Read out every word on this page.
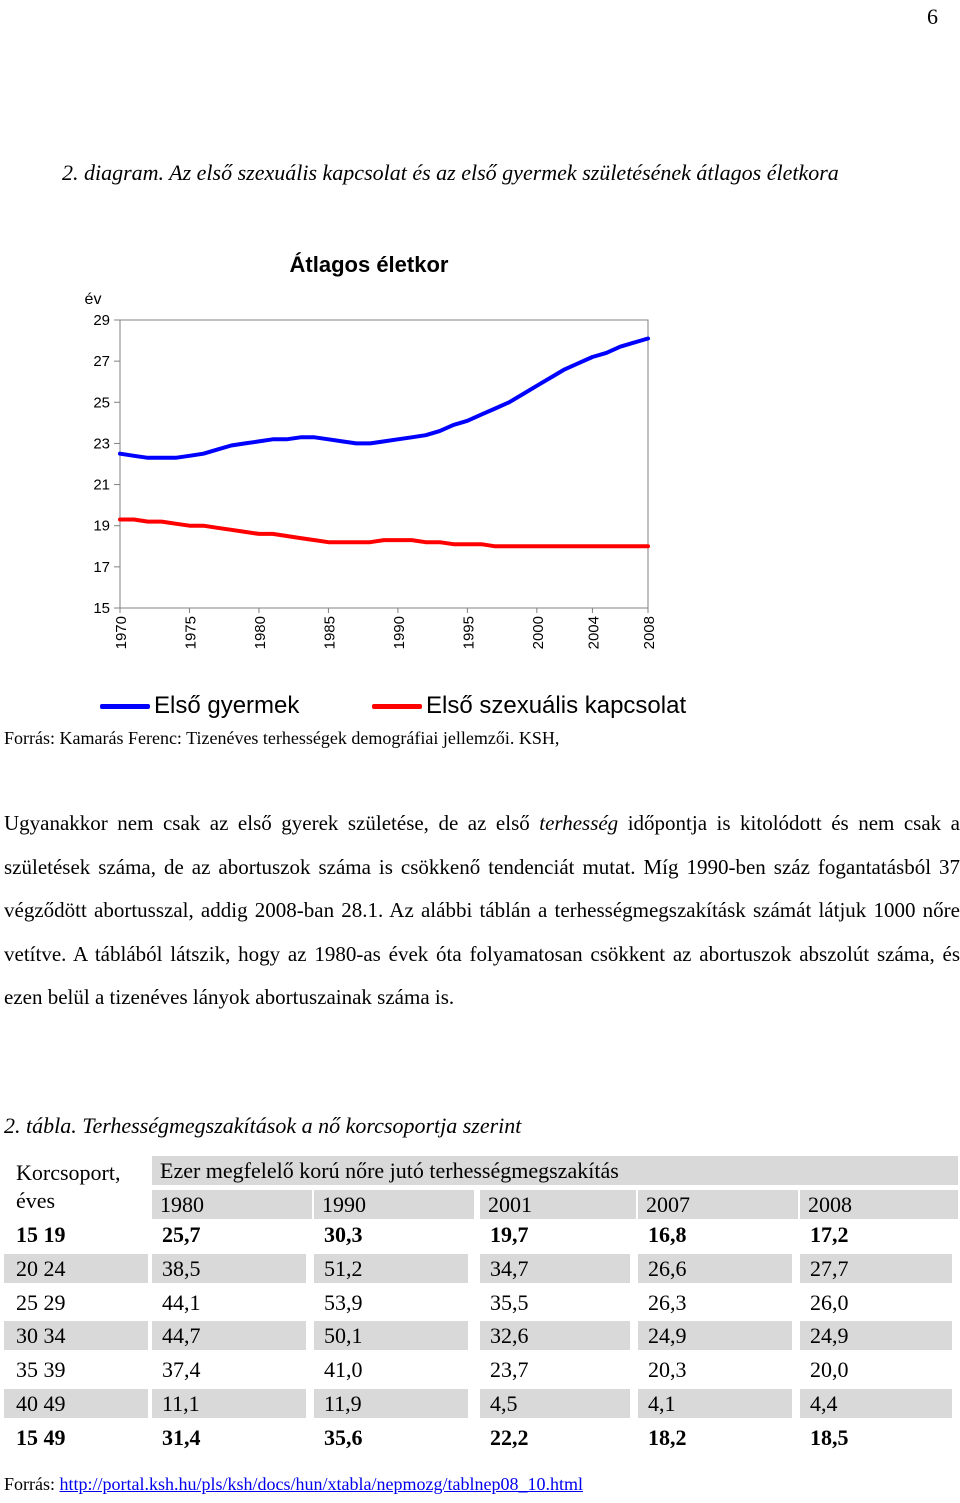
6
2. diagram. Az első szexuális kapcsolat és az első gyermek születésének átlagos életkora
Átlagos életkor
év
29
27
25
23
21
19
17
15
1970	1975	1980	1985	1990	1995	2000	2004	2008
Első gyermek	Első szexuális kapcsolat
Forrás: Kamarás Ferenc: Tizenéves terhességek demográfiai jellemzői. KSH,

Ugyanakkor nem csak az első gyerek születése, de az első terhesség időpontja is kitolódott és nem csak a születések száma, de az abortuszok száma is csökkenő tendenciát mutat. Míg 1990-ben száz fogantatásból 37 végződött abortusszal, addig 2008-ban 28.1. Az alábbi táblán a terhességmegszakításk számát látjuk 1000 nőre vetítve. A táblából látszik, hogy az 1980-as évek óta folyamatosan csökkent az abortuszok abszolút száma, és ezen belül a tizenéves lányok abortuszainak száma is.

2. tábla. Terhességmegszakítások a nő korcsoportja szerint
Korcsoport,
éves
Ezer megfelelő korú nőre jutó terhességmegszakítás
1980	1990	2001	2007	2008
15 19	25,7	30,3	19,7	16,8	17,2
20 24	38,5	51,2	34,7	26,6	27,7
25 29	44,1	53,9	35,5	26,3	26,0
30 34	44,7	50,1	32,6	24,9	24,9
35 39	37,4	41,0	23,7	20,3	20,0
40 49	11,1	11,9	4,5	4,1	4,4
15 49	31,4	35,6	22,2	18,2	18,5
Forrás: http://portal.ksh.hu/pls/ksh/docs/hun/xtabla/nepmozg/tablnep08_10.html
